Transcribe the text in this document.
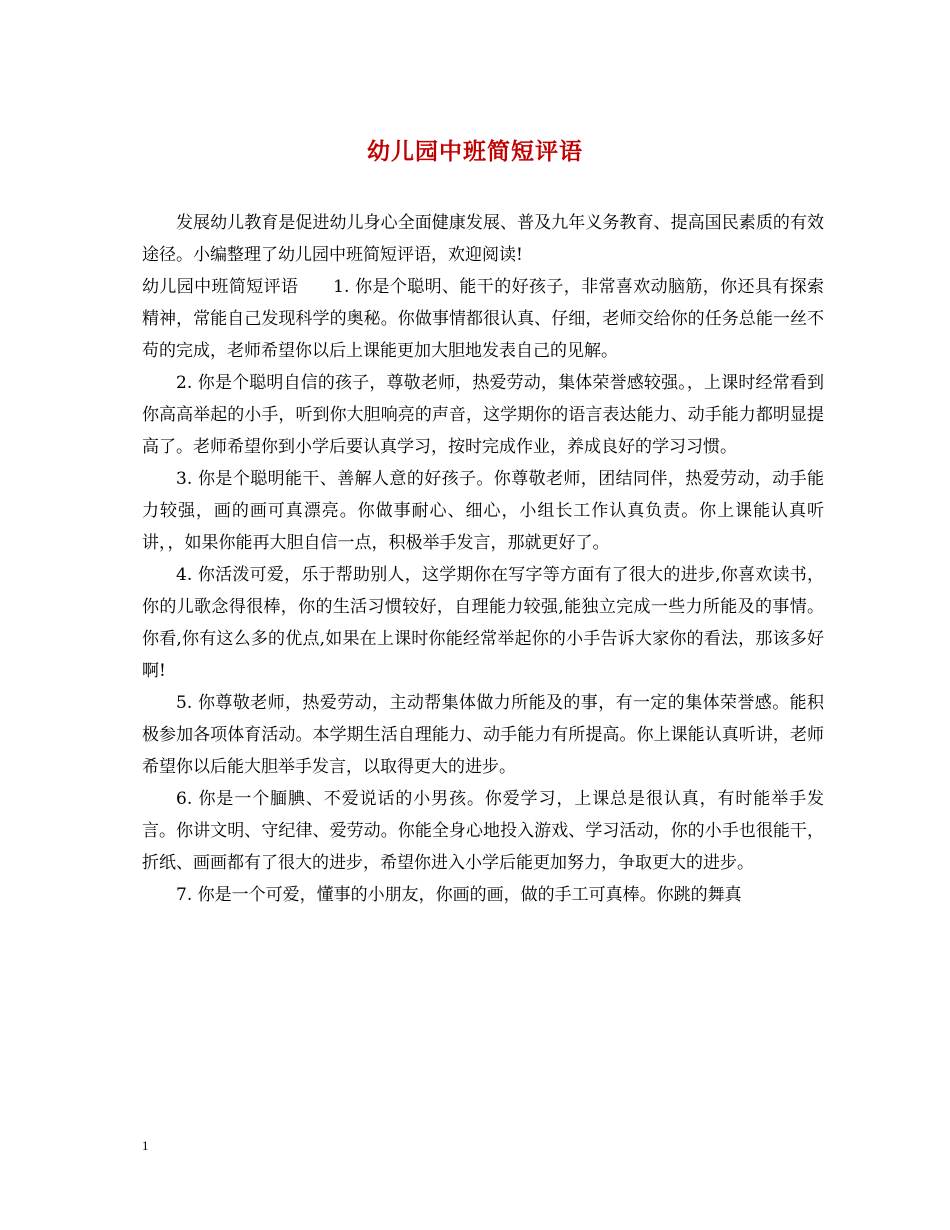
幼儿园中班简短评语

发展幼儿教育是促进幼儿身心全面健康发展、普及九年义务教育、提高国民素质的有效途径。小编整理了幼儿园中班简短评语，欢迎阅读!

幼儿园中班简短评语　　1. 你是个聪明、能干的好孩子，非常喜欢动脑筋，你还具有探索精神，常能自己发现科学的奥秘。你做事情都很认真、仔细，老师交给你的任务总能一丝不苟的完成，老师希望你以后上课能更加大胆地发表自己的见解。

2. 你是个聪明自信的孩子，尊敬老师，热爱劳动，集体荣誉感较强。，上课时经常看到你高高举起的小手，听到你大胆响亮的声音，这学期你的语言表达能力、动手能力都明显提高了。老师希望你到小学后要认真学习，按时完成作业，养成良好的学习习惯。

3. 你是个聪明能干、善解人意的好孩子。你尊敬老师，团结同伴，热爱劳动，动手能力较强，画的画可真漂亮。你做事耐心、细心，小组长工作认真负责。你上课能认真听讲，，如果你能再大胆自信一点，积极举手发言，那就更好了。

4. 你活泼可爱，乐于帮助别人，这学期你在写字等方面有了很大的进步,你喜欢读书，你的儿歌念得很棒，你的生活习惯较好，自理能力较强,能独立完成一些力所能及的事情。你看,你有这么多的优点,如果在上课时你能经常举起你的小手告诉大家你的看法，那该多好啊!

5. 你尊敬老师，热爱劳动，主动帮集体做力所能及的事，有一定的集体荣誉感。能积极参加各项体育活动。本学期生活自理能力、动手能力有所提高。你上课能认真听讲，老师希望你以后能大胆举手发言，以取得更大的进步。

6. 你是一个腼腆、不爱说话的小男孩。你爱学习，上课总是很认真，有时能举手发言。你讲文明、守纪律、爱劳动。你能全身心地投入游戏、学习活动，你的小手也很能干，折纸、画画都有了很大的进步，希望你进入小学后能更加努力，争取更大的进步。

7. 你是一个可爱，懂事的小朋友，你画的画，做的手工可真棒。你跳的舞真

1
